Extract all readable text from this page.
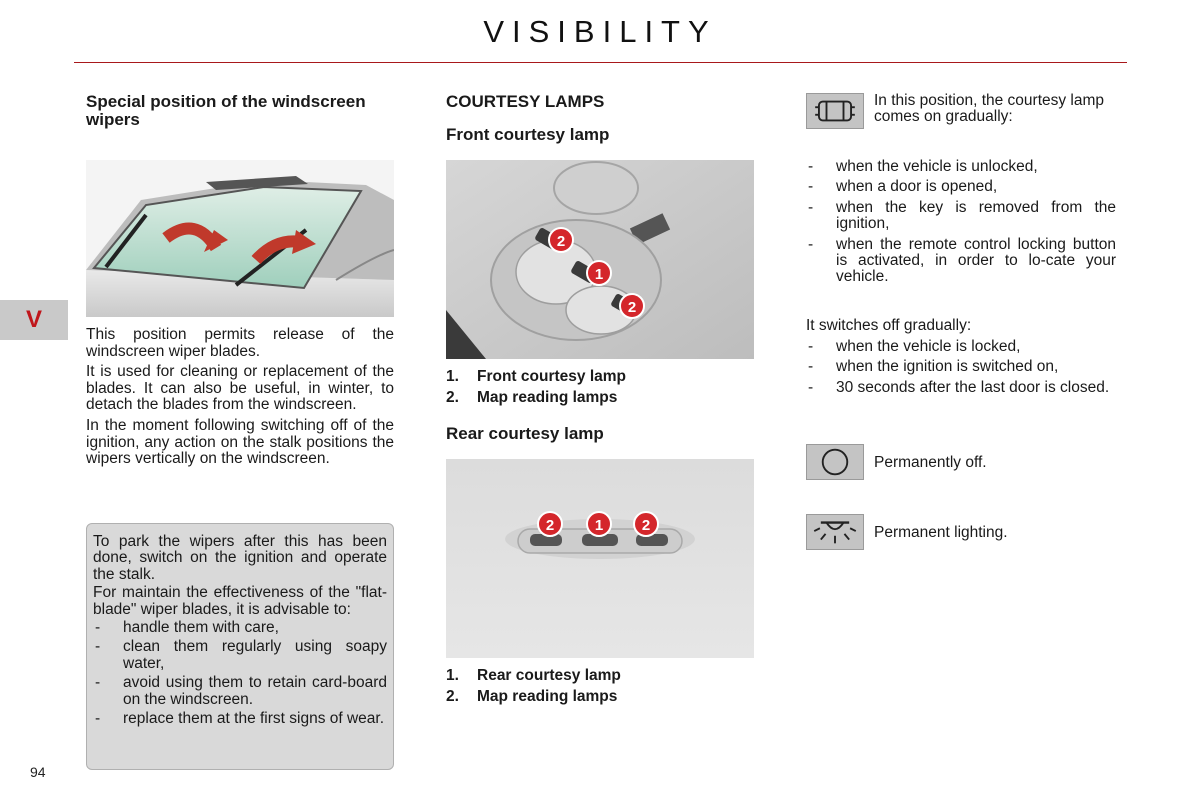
VISIBILITY
V
94
Special position of the windscreen wipers

This position permits release of the windscreen wiper blades.

It is used for cleaning or replacement of the blades. It can also be useful, in winter, to detach the blades from the windscreen.

In the moment following switching off of the ignition, any action on the stalk positions the wipers vertically on the windscreen.

To park the wipers after this has been done, switch on the ignition and operate the stalk.

For maintain the effectiveness of the "flat-blade" wiper blades, it is advisable to:

- handle them with care,
- clean them regularly using soapy water,
- avoid using them to retain card-board on the windscreen.
- replace them at the first signs of wear.
COURTESY LAMPS
Front courtesy lamp
2
1
2
1. Front courtesy lamp
2. Map reading lamps
Rear courtesy lamp
2	1	2
1. Rear courtesy lamp
2. Map reading lamps
In this position, the courtesy lamp comes on gradually:
- when the vehicle is unlocked,
- when a door is opened,
- when the key is removed from the ignition,
- when the remote control locking button is activated, in order to lo-cate your vehicle.
It switches off gradually:
- when the vehicle is locked,
- when the ignition is switched on,
- 30 seconds after the last door is closed.
Permanently off.
Permanent lighting.
